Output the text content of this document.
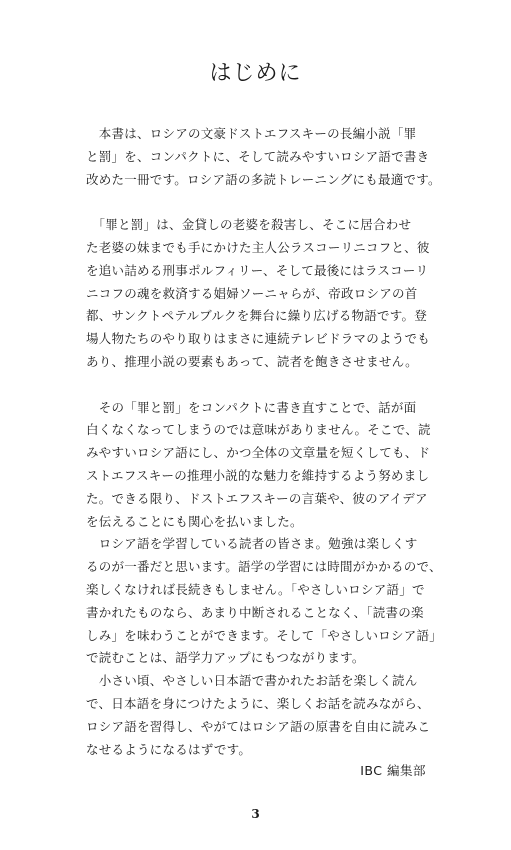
はじめに
　本書は、ロシアの文豪ドストエフスキーの長編小説「罪
と罰」を、コンパクトに、そして読みやすいロシア語で書き
改めた一冊です。ロシア語の多読トレーニングにも最適です。
　「罪と罰」は、金貸しの老婆を殺害し、そこに居合わせ
た老婆の妹までも手にかけた主人公ラスコーリニコフと、彼
を追い詰める刑事ポルフィリー、そして最後にはラスコーリ
ニコフの魂を救済する娼婦ソーニャらが、帝政ロシアの首
都、サンクトペテルブルクを舞台に繰り広げる物語です。登
場人物たちのやり取りはまさに連続テレビドラマのようでも
あり、推理小説の要素もあって、読者を飽きさせません。
　その「罪と罰」をコンパクトに書き直すことで、話が面
白くなくなってしまうのでは意味がありません。そこで、読
みやすいロシア語にし、かつ全体の文章量を短くしても、ド
ストエフスキーの推理小説的な魅力を維持するよう努めまし
た。できる限り、ドストエフスキーの言葉や、彼のアイデア
を伝えることにも関心を払いました。
　ロシア語を学習している読者の皆さま。勉強は楽しくす
るのが一番だと思います。語学の学習には時間がかかるので、
楽しくなければ長続きもしません。「やさしいロシア語」で
書かれたものなら、あまり中断されることなく、「読書の楽
しみ」を味わうことができます。そして「やさしいロシア語」
で読むことは、語学力アップにもつながります。
　小さい頃、やさしい日本語で書かれたお話を楽しく読ん
で、日本語を身につけたように、楽しくお話を読みながら、
ロシア語を習得し、やがてはロシア語の原書を自由に読みこ
なせるようになるはずです。
IBC 編集部
3
